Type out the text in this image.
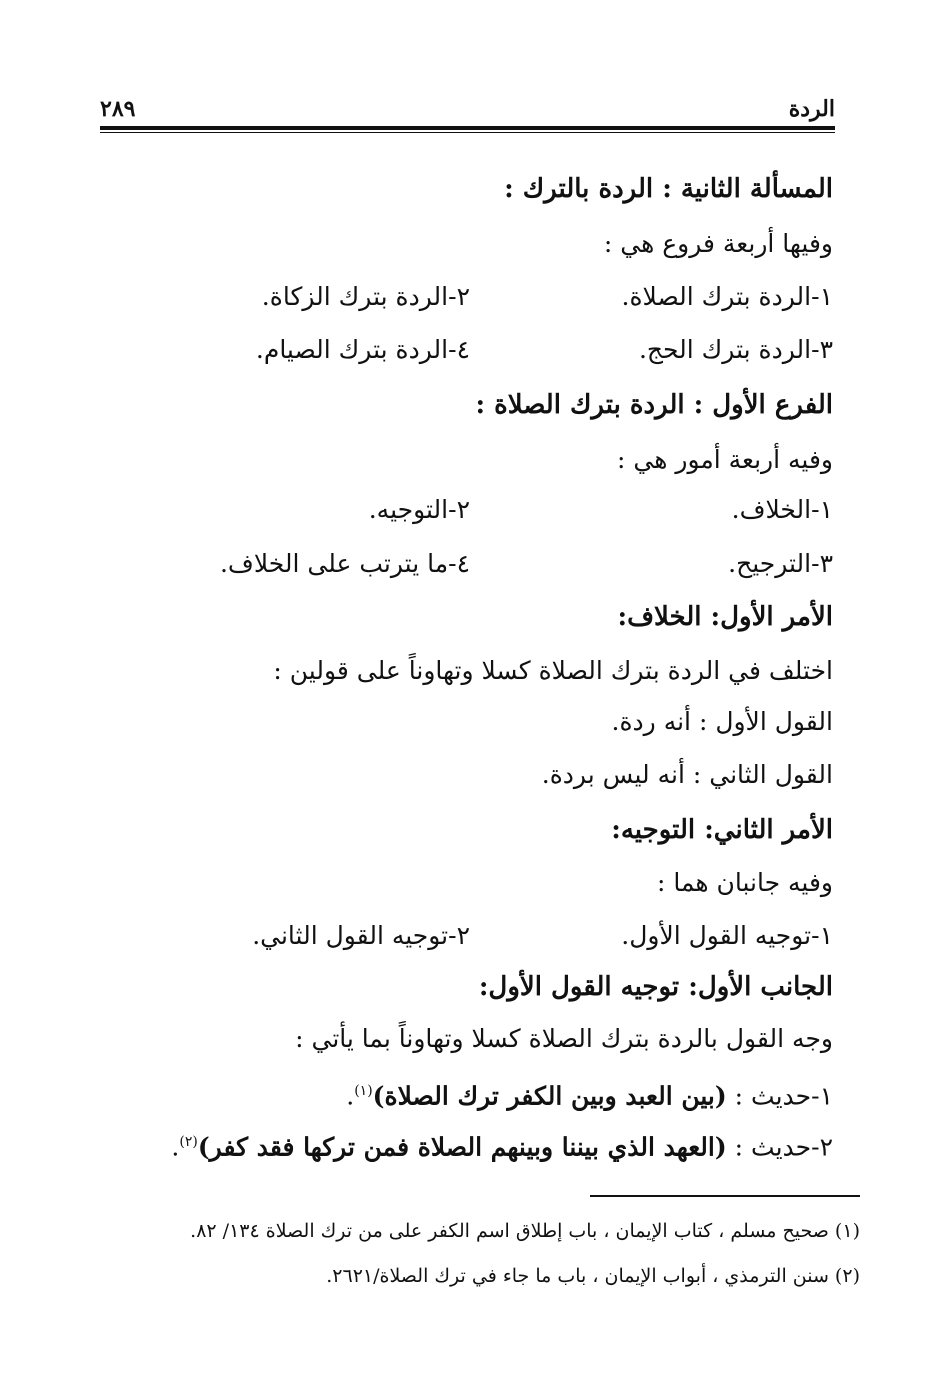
الردة
٢٨٩
المسألة الثانية : الردة بالترك :
وفيها أربعة فروع هي :
١-الردة بترك الصلاة.
٢-الردة بترك الزكاة.
٣-الردة بترك الحج.
٤-الردة بترك الصيام.
الفرع الأول : الردة بترك الصلاة :
وفيه أربعة أمور هي :
١-الخلاف.
٢-التوجيه.
٣-الترجيح.
٤-ما يترتب على الخلاف.
الأمر الأول: الخلاف:
اختلف في الردة بترك الصلاة كسلا وتهاوناً على قولين :
القول الأول : أنه ردة.
القول الثاني : أنه ليس بردة.
الأمر الثاني: التوجيه:
وفيه جانبان هما :
١-توجيه القول الأول.
٢-توجيه القول الثاني.
الجانب الأول: توجيه القول الأول:
وجه القول بالردة بترك الصلاة كسلا وتهاوناً بما يأتي :
١-حديث : (بين العبد وبين الكفر ترك الصلاة)$^{(١)}$.
٢-حديث : (العهد الذي بيننا وبينهم الصلاة فمن تركها فقد كفر)$^{(٢)}$.
(١) صحيح مسلم ، كتاب الإيمان ، باب إطلاق اسم الكفر على من ترك الصلاة ١٣٤/ ٨٢.
(٢) سنن الترمذي ، أبواب الإيمان ، باب ما جاء في ترك الصلاة/٢٦٢١.
